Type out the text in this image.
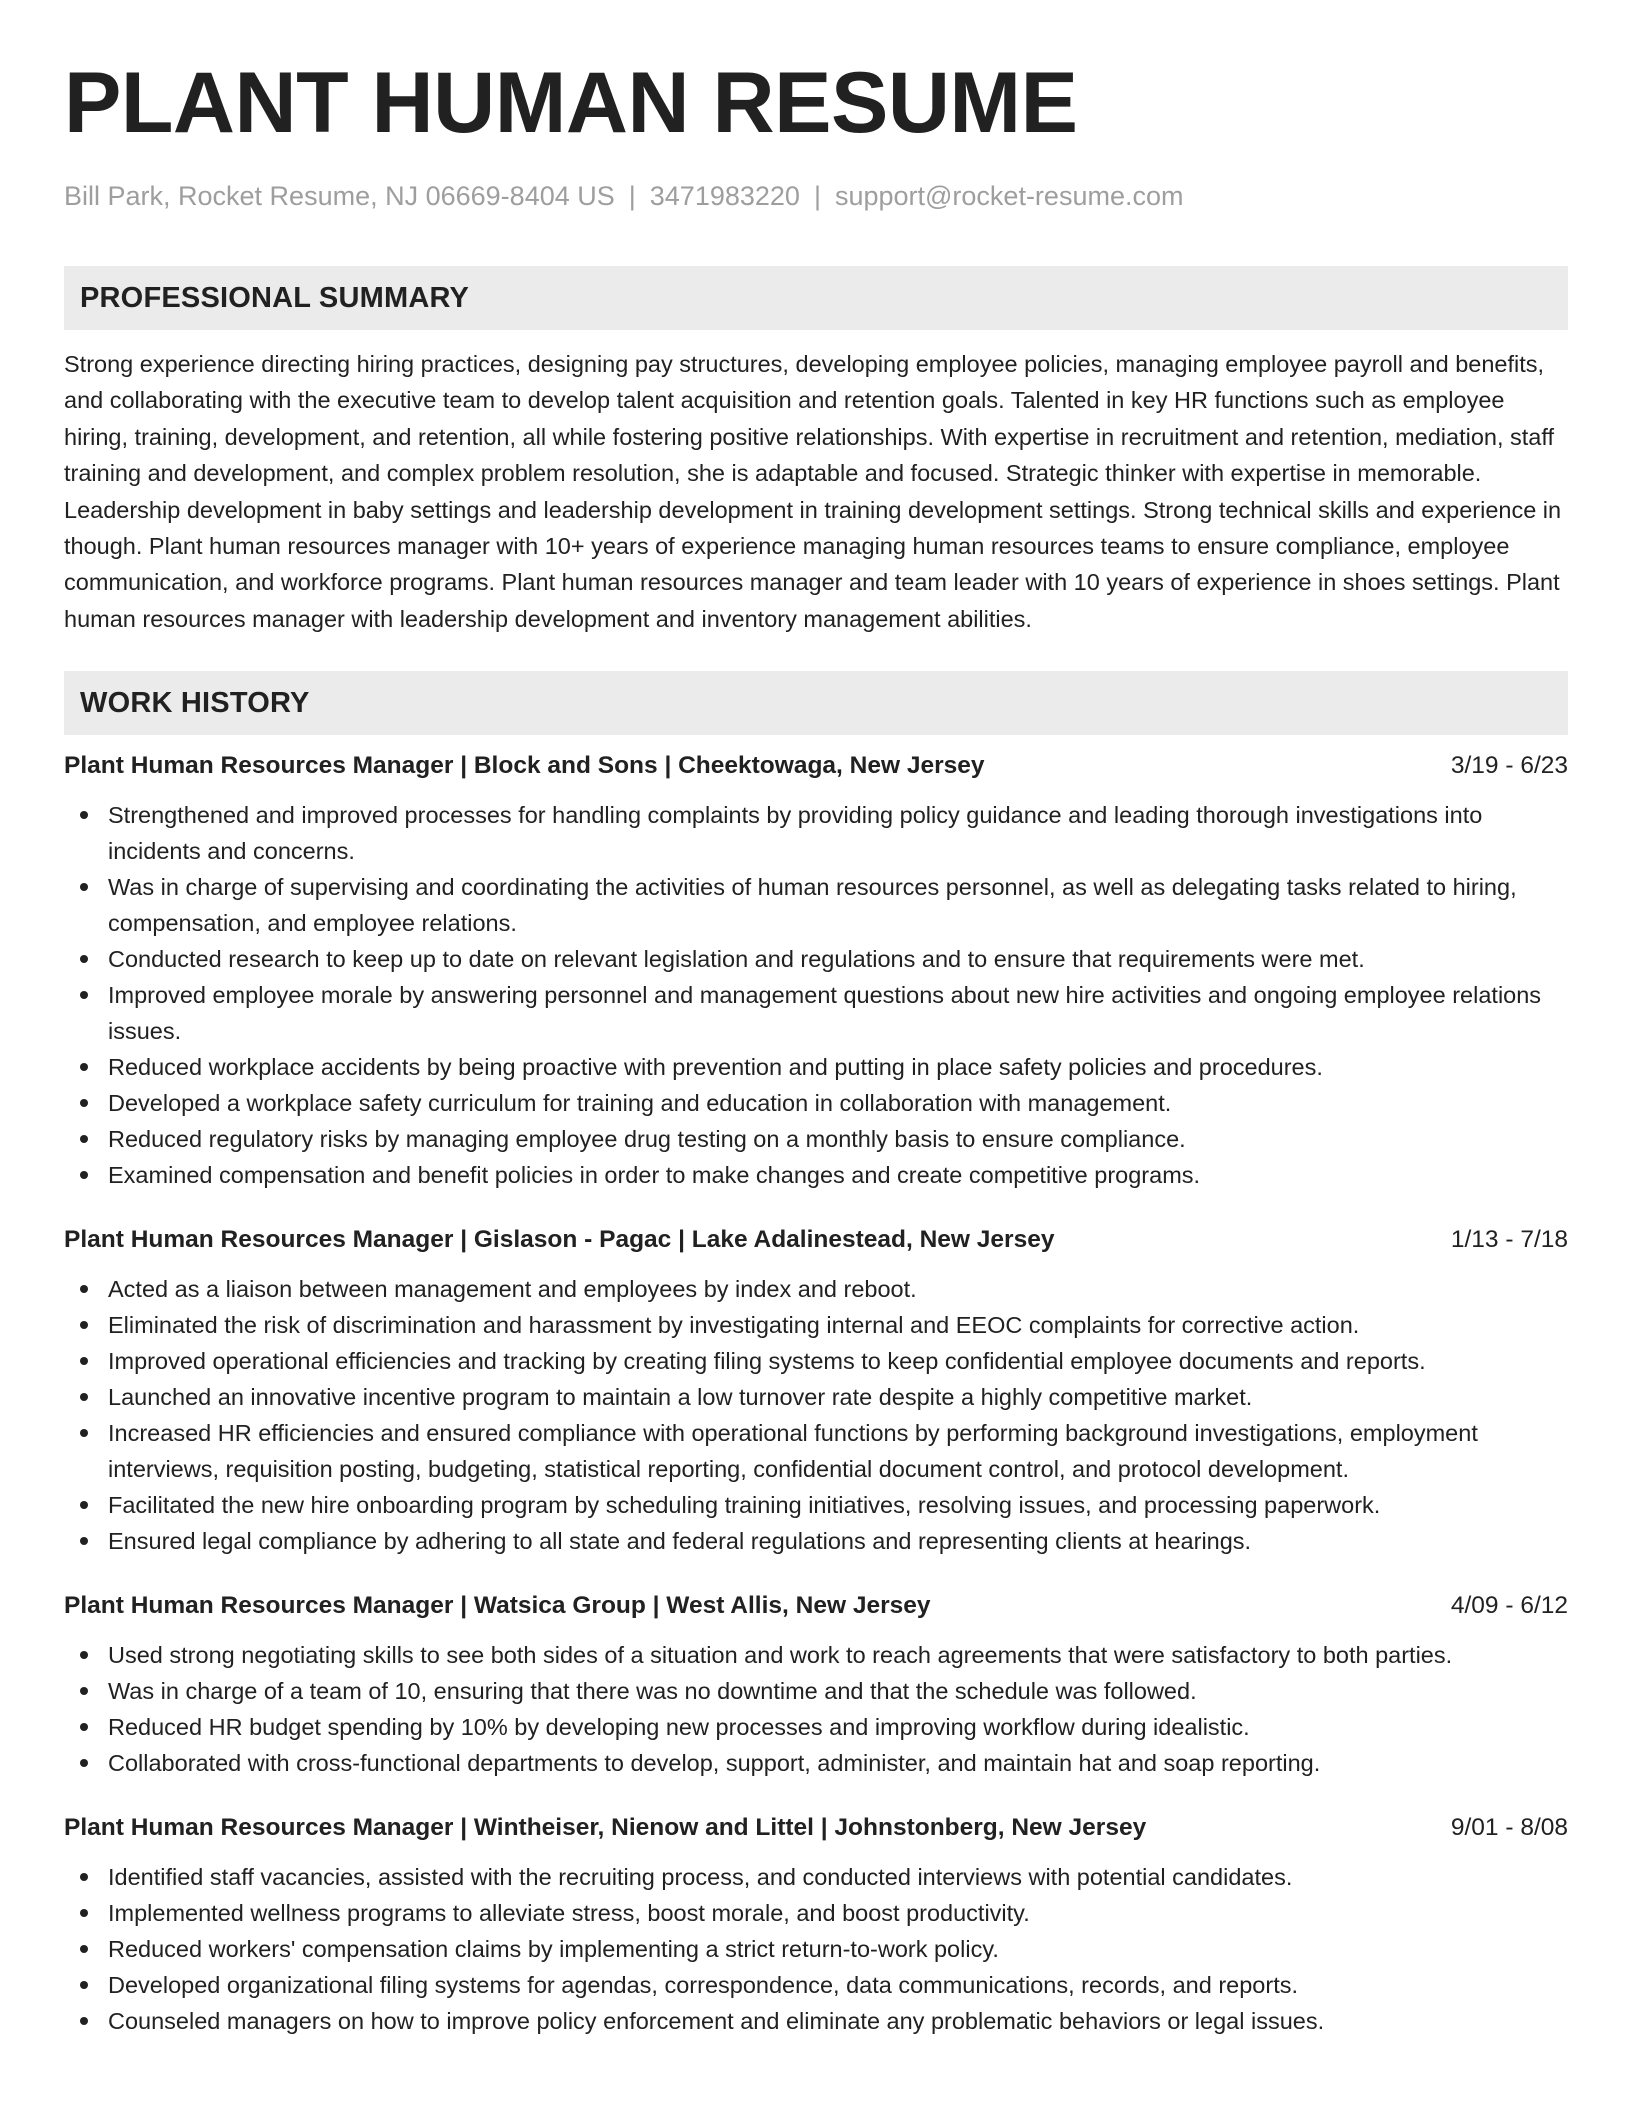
PLANT HUMAN RESUME
Bill Park, Rocket Resume, NJ 06669-8404 US | 3471983220 | support@rocket-resume.com
PROFESSIONAL SUMMARY

Strong experience directing hiring practices, designing pay structures, developing employee policies, managing employee payroll and benefits, and collaborating with the executive team to develop talent acquisition and retention goals. Talented in key HR functions such as employee hiring, training, development, and retention, all while fostering positive relationships. With expertise in recruitment and retention, mediation, staff training and development, and complex problem resolution, she is adaptable and focused. Strategic thinker with expertise in memorable. Leadership development in baby settings and leadership development in training development settings. Strong technical skills and experience in though. Plant human resources manager with 10+ years of experience managing human resources teams to ensure compliance, employee communication, and workforce programs. Plant human resources manager and team leader with 10 years of experience in shoes settings. Plant human resources manager with leadership development and inventory management abilities.

WORK HISTORY
Plant Human Resources Manager | Block and Sons | Cheektowaga, New Jersey	3/19 - 6/23
Strengthened and improved processes for handling complaints by providing policy guidance and leading thorough investigations into incidents and concerns.
Was in charge of supervising and coordinating the activities of human resources personnel, as well as delegating tasks related to hiring, compensation, and employee relations.
Conducted research to keep up to date on relevant legislation and regulations and to ensure that requirements were met.
Improved employee morale by answering personnel and management questions about new hire activities and ongoing employee relations issues.
Reduced workplace accidents by being proactive with prevention and putting in place safety policies and procedures.
Developed a workplace safety curriculum for training and education in collaboration with management.
Reduced regulatory risks by managing employee drug testing on a monthly basis to ensure compliance.
Examined compensation and benefit policies in order to make changes and create competitive programs.
Plant Human Resources Manager | Gislason - Pagac | Lake Adalinestead, New Jersey	1/13 - 7/18
Acted as a liaison between management and employees by index and reboot.
Eliminated the risk of discrimination and harassment by investigating internal and EEOC complaints for corrective action.
Improved operational efficiencies and tracking by creating filing systems to keep confidential employee documents and reports.
Launched an innovative incentive program to maintain a low turnover rate despite a highly competitive market.
Increased HR efficiencies and ensured compliance with operational functions by performing background investigations, employment interviews, requisition posting, budgeting, statistical reporting, confidential document control, and protocol development.
Facilitated the new hire onboarding program by scheduling training initiatives, resolving issues, and processing paperwork.
Ensured legal compliance by adhering to all state and federal regulations and representing clients at hearings.
Plant Human Resources Manager | Watsica Group | West Allis, New Jersey	4/09 - 6/12
Used strong negotiating skills to see both sides of a situation and work to reach agreements that were satisfactory to both parties.
Was in charge of a team of 10, ensuring that there was no downtime and that the schedule was followed.
Reduced HR budget spending by 10% by developing new processes and improving workflow during idealistic.
Collaborated with cross-functional departments to develop, support, administer, and maintain hat and soap reporting.
Plant Human Resources Manager | Wintheiser, Nienow and Littel | Johnstonberg, New Jersey	9/01 - 8/08
Identified staff vacancies, assisted with the recruiting process, and conducted interviews with potential candidates.
Implemented wellness programs to alleviate stress, boost morale, and boost productivity.
Reduced workers' compensation claims by implementing a strict return-to-work policy.
Developed organizational filing systems for agendas, correspondence, data communications, records, and reports.
Counseled managers on how to improve policy enforcement and eliminate any problematic behaviors or legal issues.
